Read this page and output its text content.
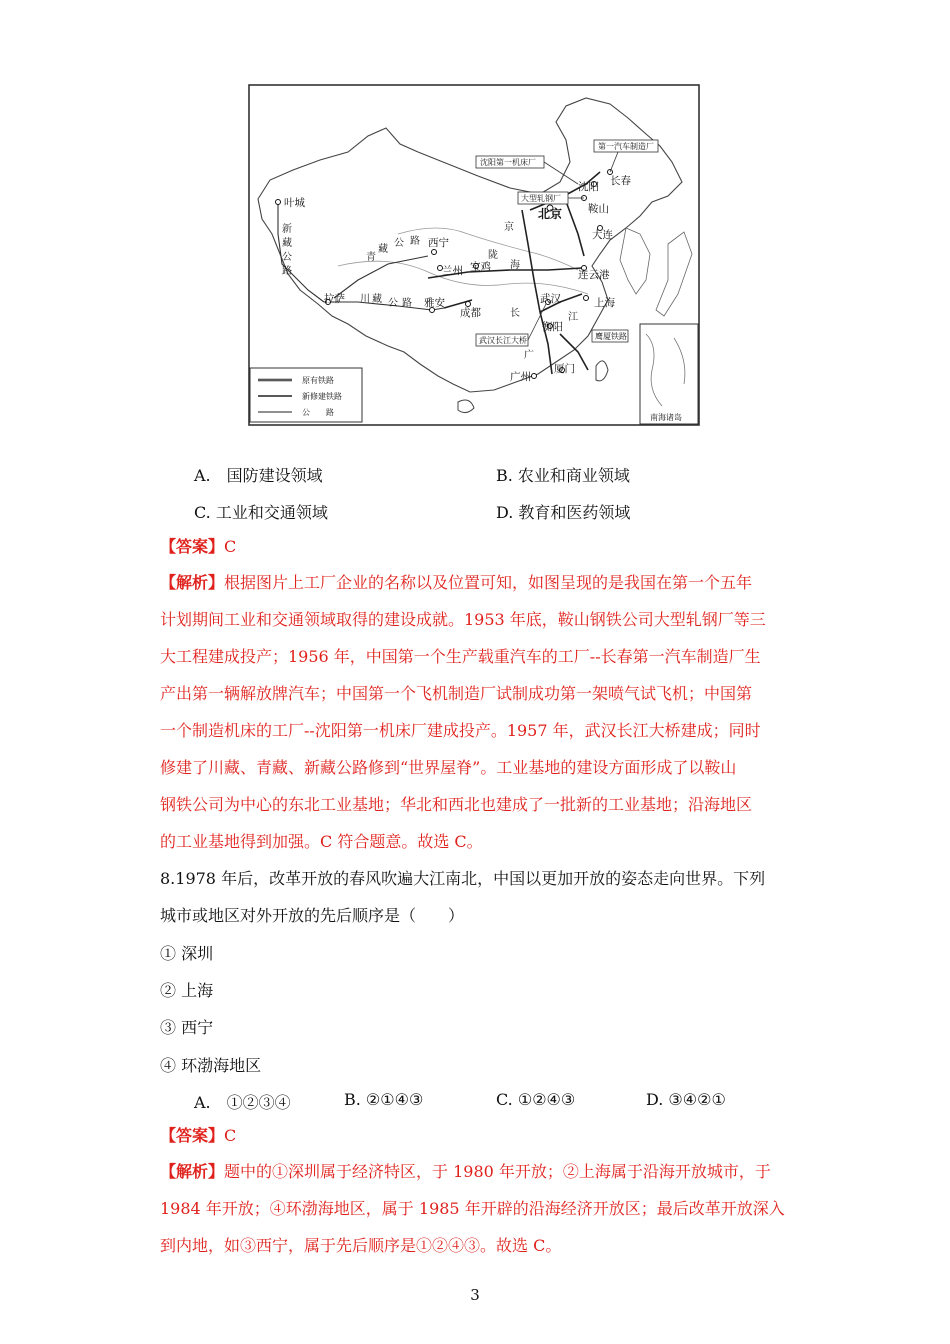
沈阳 长春
鞍山
北京
大连
连云港
上海
武汉
衡阳
厦门
广州
成都
雅安
拉萨
西宁
兰州 宝鸡
叶城
青
藏
公 路
川 藏 公 路
新
藏
公
路
长	江
陇
海
京
广
沈阳第一机床厂
第一汽车制造厂
大型轧钢厂
武汉长江大桥	鹰厦铁路
原有铁路
新修建铁路
公　　路
南海诸岛
A.　国防建设领域	B. 农业和商业领域
C. 工业和交通领域	D. 教育和医药领域
【答案】C
【解析】根据图片上工厂企业的名称以及位置可知，如图呈现的是我国在第一个五年
计划期间工业和交通领域取得的建设成就。1953 年底，鞍山钢铁公司大型轧钢厂等三
大工程建成投产；1956 年，中国第一个生产载重汽车的工厂--长春第一汽车制造厂生
产出第一辆解放牌汽车；中国第一个飞机制造厂试制成功第一架喷气试飞机；中国第
一个制造机床的工厂--沈阳第一机床厂建成投产。1957 年，武汉长江大桥建成；同时
修建了川藏、青藏、新藏公路修到“世界屋脊”。工业基地的建设方面形成了以鞍山
钢铁公司为中心的东北工业基地；华北和西北也建成了一批新的工业基地；沿海地区
的工业基地得到加强。C 符合题意。故选 C。
8.1978 年后，改革开放的春风吹遍大江南北，中国以更加开放的姿态走向世界。下列
城市或地区对外开放的先后顺序是（　　）
① 深圳
② 上海
③ 西宁
④ 环渤海地区
A.　①②③④	B. ②①④③	C. ①②④③	D. ③④②①
【答案】C
【解析】题中的①深圳属于经济特区，于 1980 年开放；②上海属于沿海开放城市，于
1984 年开放；④环渤海地区，属于 1985 年开辟的沿海经济开放区；最后改革开放深入
到内地，如③西宁，属于先后顺序是①②④③。故选 C。
3
